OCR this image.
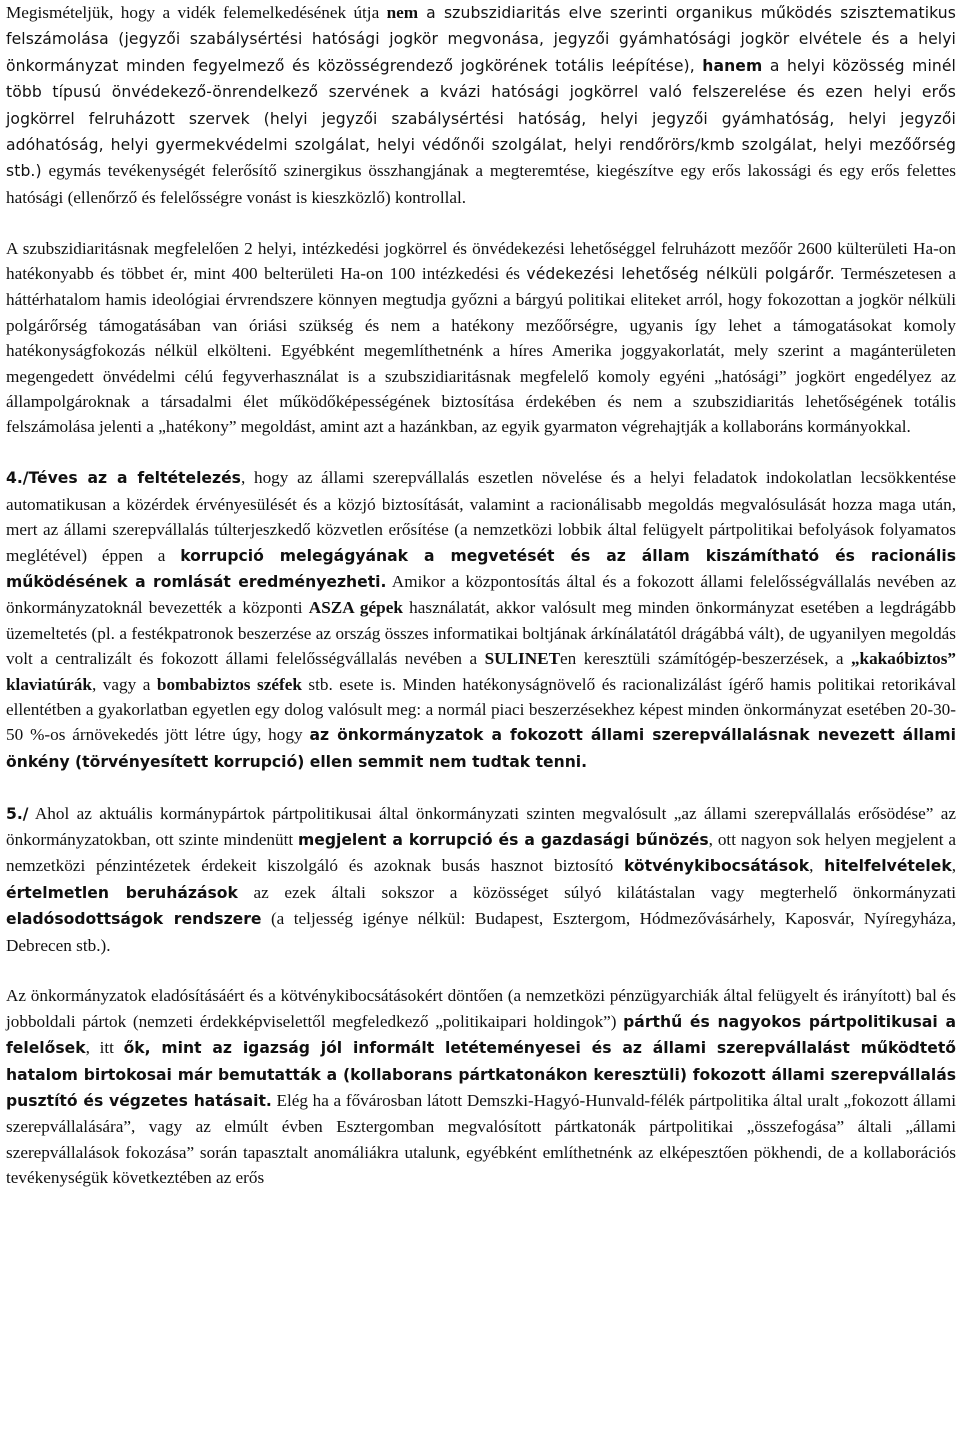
Megismételjük, hogy a vidék felemelkedésének útja nem a szubszidiaritás elve szerinti organikus működés szisztematikus felszámolása (jegyzői szabálysértési hatósági jogkör megvonása, jegyzői gyámhatósági jogkör elvétele és a helyi önkormányzat minden fegyelmező és közösségrendező jogkörének totális leépítése), hanem a helyi közösség minél több típusú önvédekező-önrendelkező szervének a kvázi hatósági jogkörrel való felszerelése és ezen helyi erős jogkörrel felruházott szervek (helyi jegyzői szabálysértési hatóság, helyi jegyzői gyámhatóság, helyi jegyzői adóhatóság, helyi gyermekvédelmi szolgálat, helyi védőnői szolgálat, helyi rendőrörs/kmb szolgálat, helyi mezőőrség stb.) egymás tevékenységét felerősítő szinergikus összhangjának a megteremtése, kiegészítve egy erős lakossági és egy erős felettes hatósági (ellenőrző és felelősségre vonást is kieszközlő) kontrollal.

A szubszidiaritásnak megfelelően 2 helyi, intézkedési jogkörrel és önvédekezési lehetőséggel felruházott mezőőr 2600 külterületi Ha-on hatékonyabb és többet ér, mint 400 belterületi Ha-on 100 intézkedési és védekezési lehetőség nélküli polgárőr. Természetesen a háttérhatalom hamis ideológiai érvrendszere könnyen megtudja győzni a bárgyú politikai eliteket arról, hogy fokozottan a jogkör nélküli polgárőrség támogatásában van óriási szükség és nem a hatékony mezőőrségre, ugyanis így lehet a támogatásokat komoly hatékonyságfokozás nélkül elkölteni. Egyébként megemlíthetnénk a híres Amerika joggyakorlatát, mely szerint a magánterületen megengedett önvédelmi célú fegyverhasználat is a szubszidiaritásnak megfelelő komoly egyéni „hatósági” jogkört engedélyez az állampolgároknak a társadalmi élet működőképességének biztosítása érdekében és nem a szubszidiaritás lehetőségének totális felszámolása jelenti a „hatékony” megoldást, amint azt a hazánkban, az egyik gyarmaton végrehajtják a kollaboráns kormányokkal.

4./Téves az a feltételezés, hogy az állami szerepvállalás eszetlen növelése és a helyi feladatok indokolatlan lecsökkentése automatikusan a közérdek érvényesülését és a közjó biztosítását, valamint a racionálisabb megoldás megvalósulását hozza maga után, mert az állami szerepvállalás túlterjeszkedő közvetlen erősítése (a nemzetközi lobbik által felügyelt pártpolitikai befolyások folyamatos meglétével) éppen a korrupció melegágyának a megvetését és az állam kiszámítható és racionális működésének a romlását eredményezheti. Amikor a központosítás által és a fokozott állami felelősségvállalás nevében az önkormányzatoknál bevezették a központi ASZA gépek használatát, akkor valósult meg minden önkormányzat esetében a legdrágább üzemeltetés (pl. a festékpatronok beszerzése az ország összes informatikai boltjának árkínálatától drágábbá vált), de ugyanilyen megoldás volt a centralizált és fokozott állami felelősségvállalás nevében a SULINETen keresztüli számítógép-beszerzések, a „kakaóbiztos” klaviatúrák, vagy a bombabiztos széfek stb. esete is. Minden hatékonyságnövelő és racionalizálást ígérő hamis politikai retorikával ellentétben a gyakorlatban egyetlen egy dolog valósult meg: a normál piaci beszerzésekhez képest minden önkormányzat esetében 20-30-50 %-os árnövekedés jött létre úgy, hogy az önkormányzatok a fokozott állami szerepvállalásnak nevezett állami önkény (törvényesített korrupció) ellen semmit nem tudtak tenni.

5./ Ahol az aktuális kormánypártok pártpolitikusai által önkormányzati szinten megvalósult „az állami szerepvállalás erősödése” az önkormányzatokban, ott szinte mindenütt megjelent a korrupció és a gazdasági bűnözés, ott nagyon sok helyen megjelent a nemzetközi pénzintézetek érdekeit kiszolgáló és azoknak busás hasznot biztosító kötvénykibocsátások, hitelfelvételek, értelmetlen beruházások az ezek általi sokszor a közösséget súlyó kilátástalan vagy megterhelő önkormányzati eladósodottságok rendszere (a teljesség igénye nélkül: Budapest, Esztergom, Hódmezővásárhely, Kaposvár, Nyíregyháza, Debrecen stb.).

Az önkormányzatok eladósításáért és a kötvénykibocsátásokért döntően (a nemzetközi pénzügyarchiák által felügyelt és irányított) bal és jobboldali pártok (nemzeti érdekképviselettől megfeledkező „politikaipari holdingok”) párthű és nagyokos pártpolitikusai a felelősek, itt ők, mint az igazság jól informált letéteményesei és az állami szerepvállalást működtető hatalom birtokosai már bemutatták a (kollaborans pártkatonákon keresztüli) fokozott állami szerepvállalás pusztító és végzetes hatásait. Elég ha a fővárosban látott Demszki-Hagyó-Hunvald-félék pártpolitika által uralt „fokozott állami szerepvállalására”, vagy az elmúlt évben Esztergomban megvalósított pártkatonák pártpolitikai „összefogása” általi „állami szerepvállalások fokozása” során tapasztalt anomáliákra utalunk, egyébként említhetnénk az elképesztően pökhendi, de a kollaborációs tevékenységük következtében az erős
